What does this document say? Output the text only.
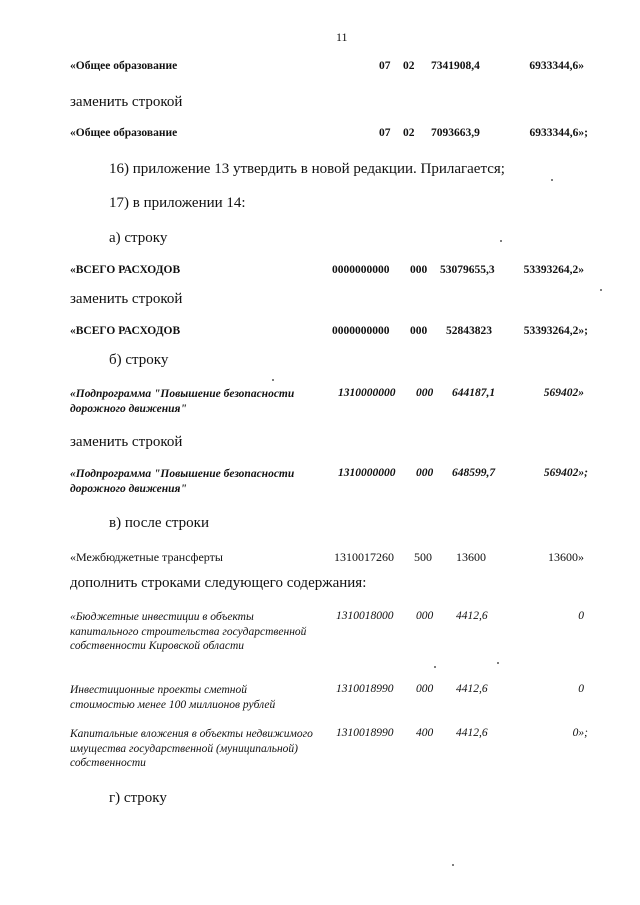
11
«Общее образование	07 02 7341908,4	6933344,6»
заменить строкой
«Общее образование	07 02 7093663,9	6933344,6»;
16) приложение 13 утвердить в новой редакции. Прилагается;
17) в приложении 14:
а) строку
«ВСЕГО РАСХОДОВ	0000000000 000 53079655,3	53393264,2»
заменить строкой
«ВСЕГО РАСХОДОВ	0000000000 000 52843823	53393264,2»;
б) строку
«Подпрограмма "Повышение безопасности дорожного движения"
1310000000 000 644187,1	569402»
заменить строкой
«Подпрограмма "Повышение безопасности дорожного движения"
1310000000 000 648599,7	569402»;
в) после строки
«Межбюджетные трансферты	1310017260 500 13600	13600»
дополнить строками следующего содержания:
«Бюджетные инвестиции в объекты капитального строительства государственной собственности Кировской области
1310018000 000 4412,6	0
Инвестиционные проекты сметной стоимостью менее 100 миллионов рублей
1310018990 000 4412,6	0
Капитальные вложения в объекты недвижимого имущества государственной (муниципальной) собственности
1310018990 400 4412,6	0»;
г) строку
